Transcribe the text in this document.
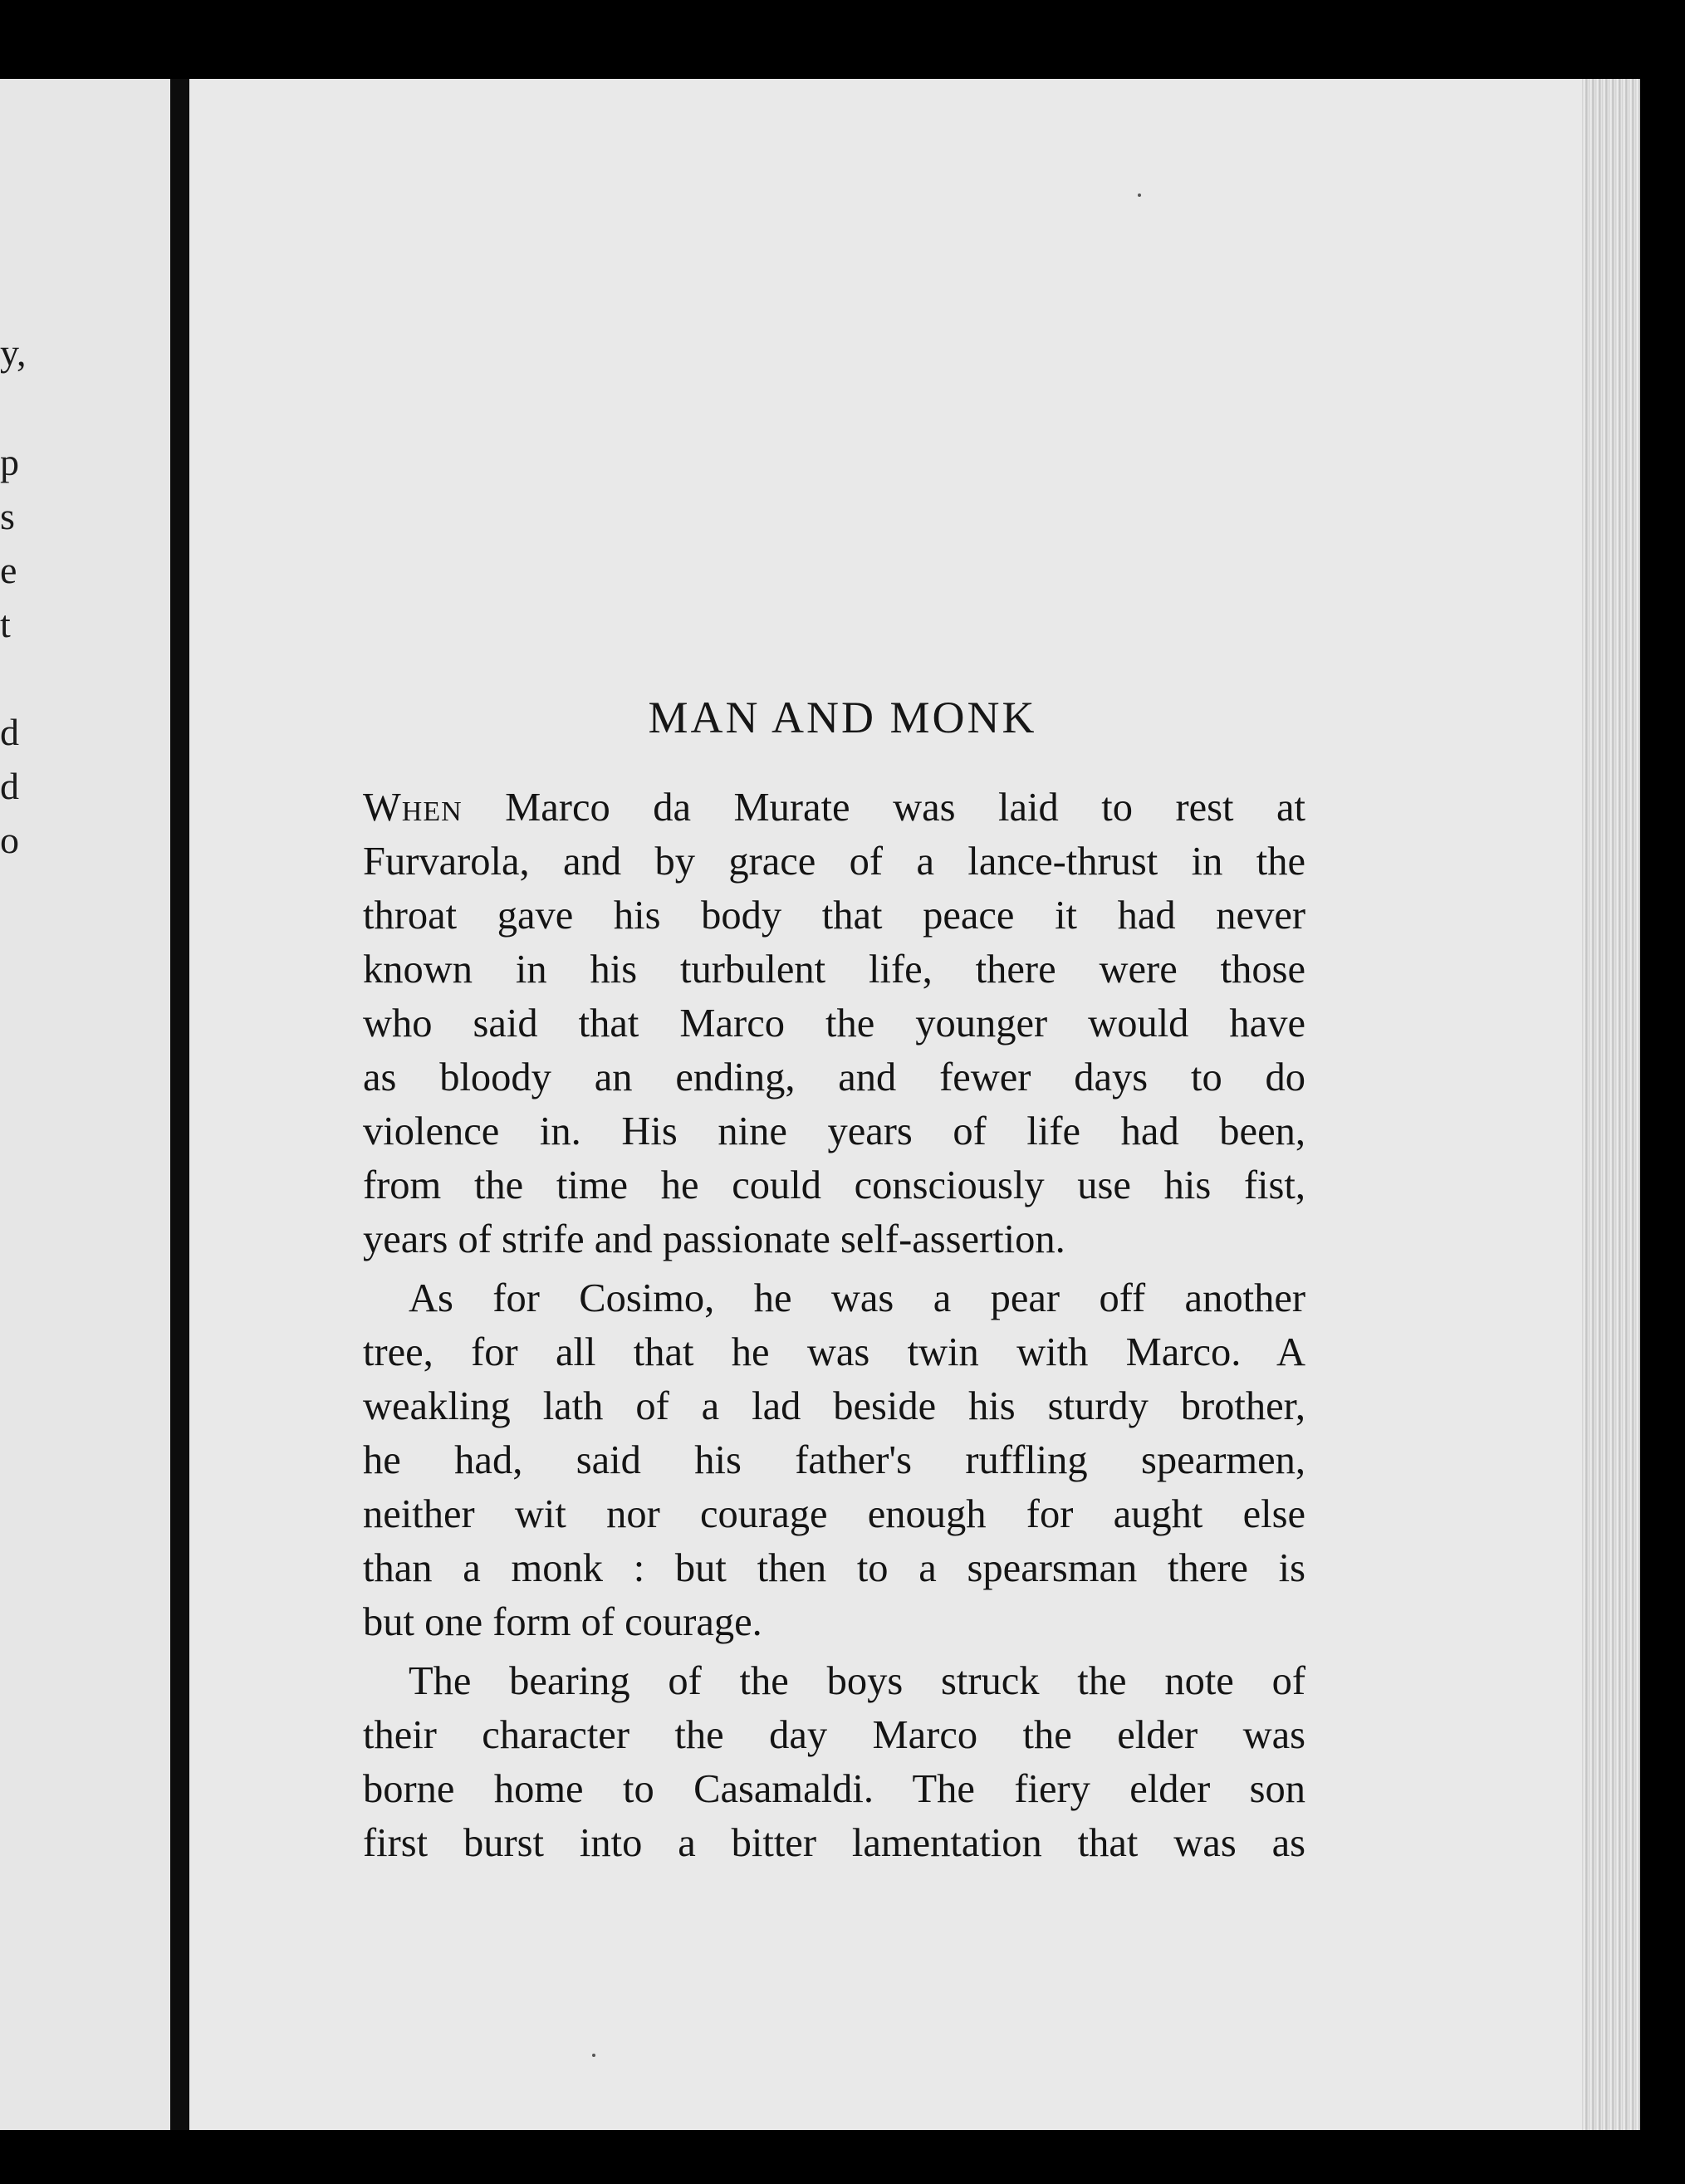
y,
p
s
e
t
d
d
o
MAN AND MONK

When Marco da Murate was laid to rest at
Furvarola, and by grace of a lance-thrust in the
throat gave his body that peace it had never
known in his turbulent life, there were those
who said that Marco the younger would have
as bloody an ending, and fewer days to do
violence in. His nine years of life had been,
from the time he could consciously use his fist,
years of strife and passionate self-assertion.

As for Cosimo, he was a pear off another
tree, for all that he was twin with Marco. A
weakling lath of a lad beside his sturdy brother,
he had, said his father's ruffling spearmen,
neither wit nor courage enough for aught else
than a monk : but then to a spearsman there is
but one form of courage.

The bearing of the boys struck the note of
their character the day Marco the elder was
borne home to Casamaldi. The fiery elder son
first burst into a bitter lamentation that was as
